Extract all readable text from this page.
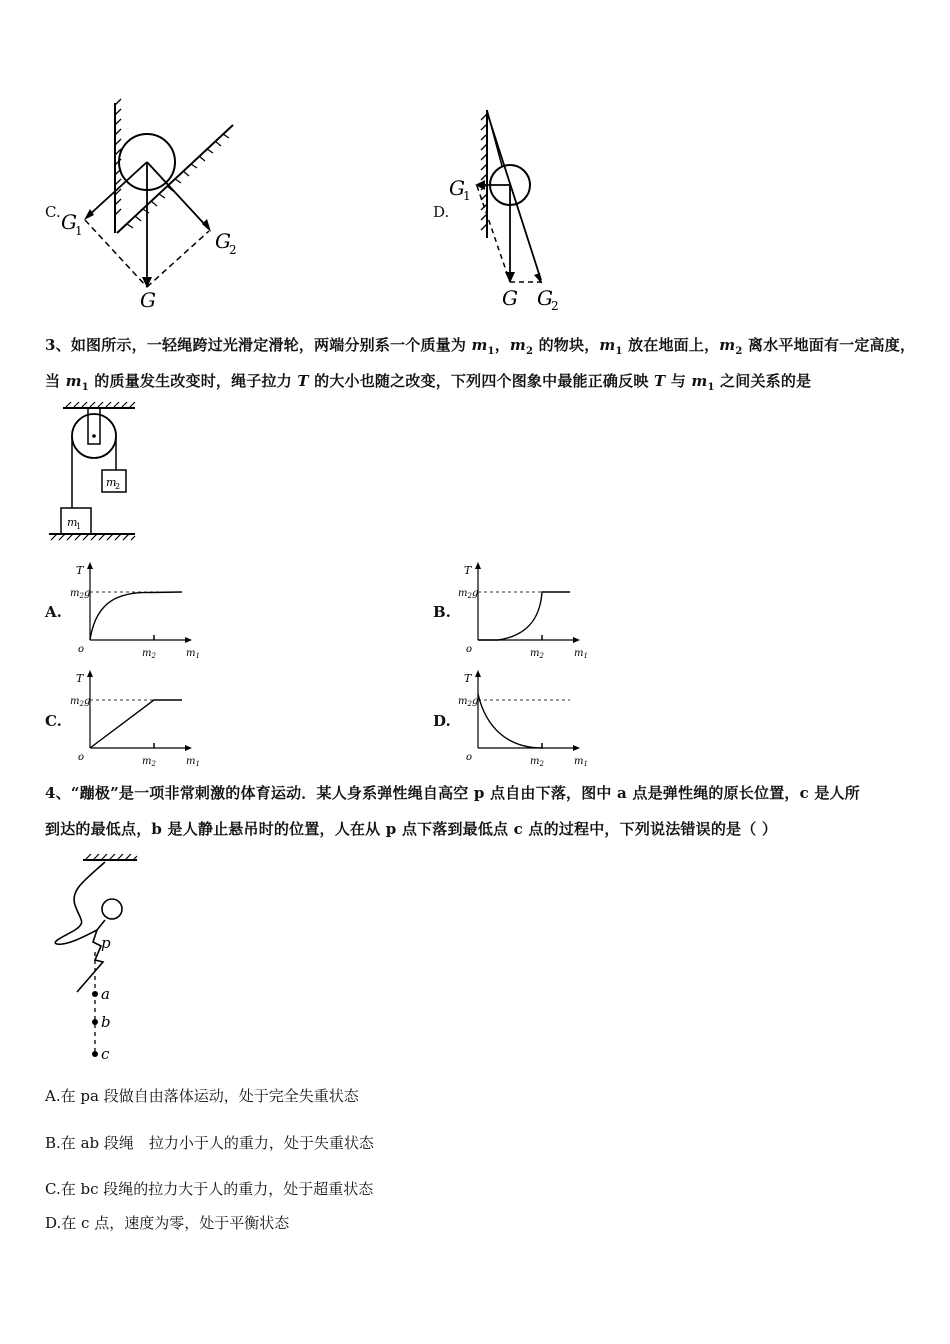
C. G
1	G
2
G
D.
G
1
G G
2
3、如图所示，一轻绳跨过光滑定滑轮，两端分别系一个质量为 $m_1$，$m_2$ 的物块，$m_1$ 放在地面上，$m_2$ 离水平地面有一定高度，
当 $m_1$ 的质量发生改变时，绳子拉力 T 的大小也随之改变，下列四个图象中最能正确反映 T 与 $m_1$ 之间关系的是
m
2
m
1
A.	B.
C.	D.
T
$m_2g$
o	$m_2$	$m_1$
T
$m_2g$
o	$m_2$	$m_1$
T
$m_2g$
o	$m_2$	$m_1$
T
$m_2g$
o	$m_2$	$m_1$
4、“蹦极”是一项非常刺激的体育运动．某人身系弹性绳自高空 p 点自由下落，图中 a 点是弹性绳的原长位置，c 是人所
到达的最低点，b 是人静止悬吊时的位置，人在从 p 点下落到最低点 c 点的过程中，下列说法错误的是（ ）
p
a
b
c
A.在 pa 段做自由落体运动，处于完全失重状态
B.在 ab 段绳　拉力小于人的重力，处于失重状态
C.在 bc 段绳的拉力大于人的重力，处于超重状态
D.在 c 点，速度为零，处于平衡状态
